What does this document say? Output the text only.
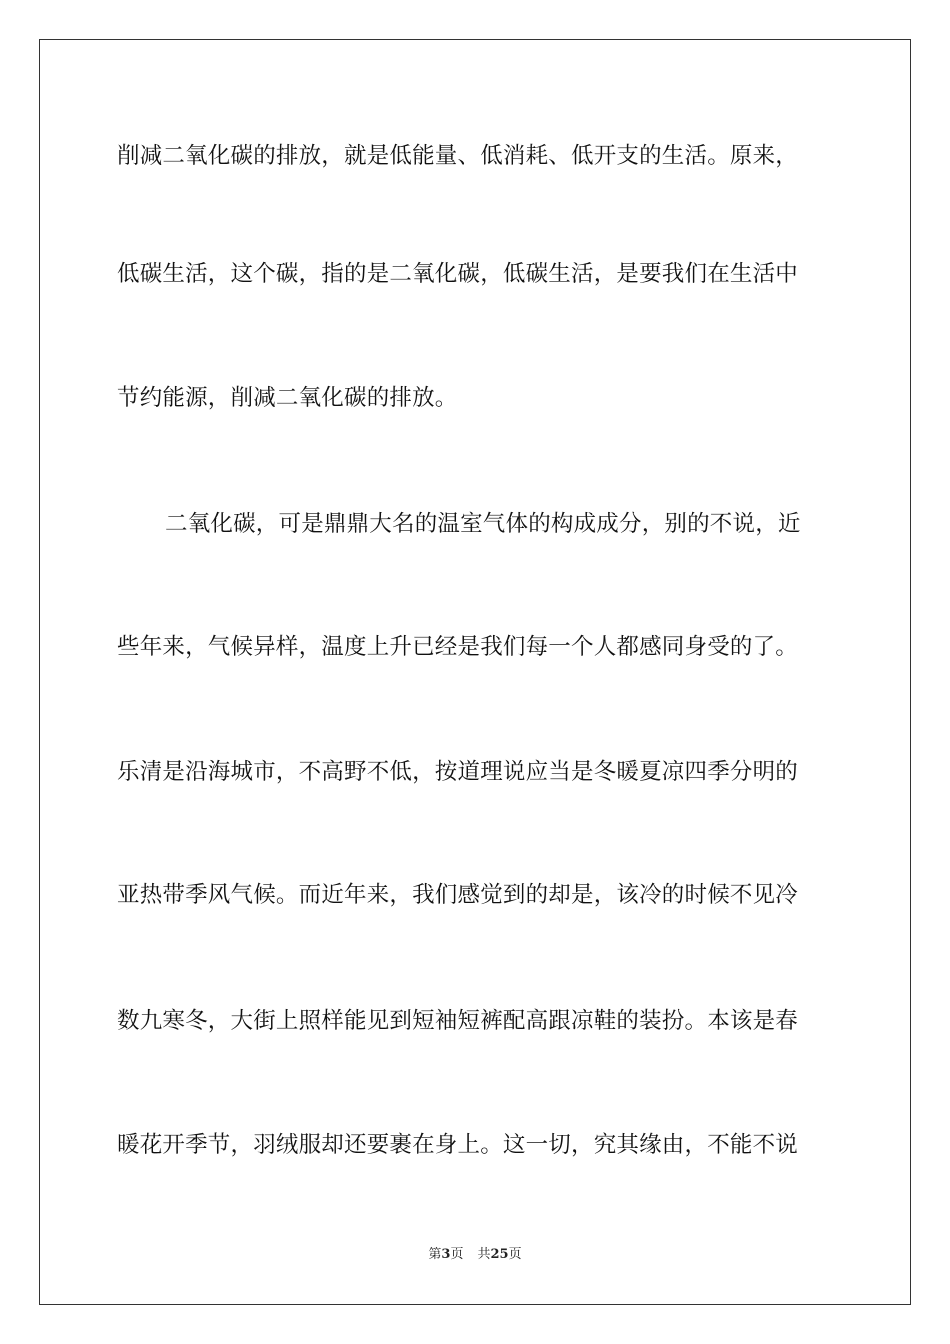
削减二氧化碳的排放，就是低能量、低消耗、低开支的生活。原来，
低碳生活，这个碳，指的是二氧化碳，低碳生活，是要我们在生活中
节约能源，削减二氧化碳的排放。
二氧化碳，可是鼎鼎大名的温室气体的构成成分，别的不说，近
些年来，气候异样，温度上升已经是我们每一个人都感同身受的了。
乐清是沿海城市，不高野不低，按道理说应当是冬暖夏凉四季分明的
亚热带季风气候。而近年来，我们感觉到的却是，该冷的时候不见冷
数九寒冬，大街上照样能见到短袖短裤配高跟凉鞋的装扮。本该是春
暖花开季节，羽绒服却还要裹在身上。这一切，究其缘由，不能不说
第3页 共25页
